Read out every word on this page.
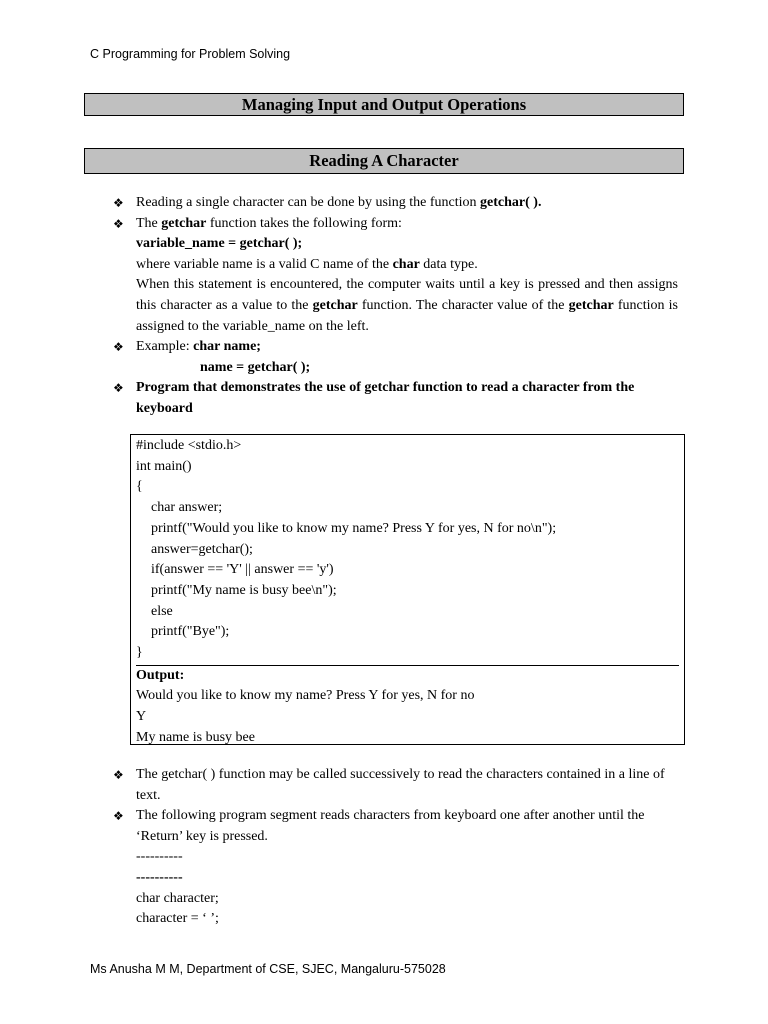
C Programming for Problem Solving
Managing Input and Output Operations
Reading A Character
❖ Reading a single character can be done by using the function getchar( ).
❖ The getchar function takes the following form:
variable_name = getchar( );
where variable name is a valid C name of the char data type.
When this statement is encountered, the computer waits until a key is pressed and then assigns this character as a value to the getchar function. The character value of the getchar function is assigned to the variable_name on the left.
❖ Example: char name;
name = getchar( );
❖ Program that demonstrates the use of getchar function to read a character from the keyboard
#include <stdio.h>
int main()
{
char answer;
printf("Would you like to know my name? Press Y for yes, N for no\n");
answer=getchar();
if(answer == 'Y' || answer == 'y')
printf("My name is busy bee\n");
else
printf("Bye");
}
Output:
Would you like to know my name? Press Y for yes, N for no
Y
My name is busy bee
❖ The getchar( ) function may be called successively to read the characters contained in a line of text.
❖ The following program segment reads characters from keyboard one after another until the ‘Return’ key is pressed.
----------
----------
char character;
character = ‘ ’;
Ms Anusha M M, Department of CSE, SJEC, Mangaluru-575028
